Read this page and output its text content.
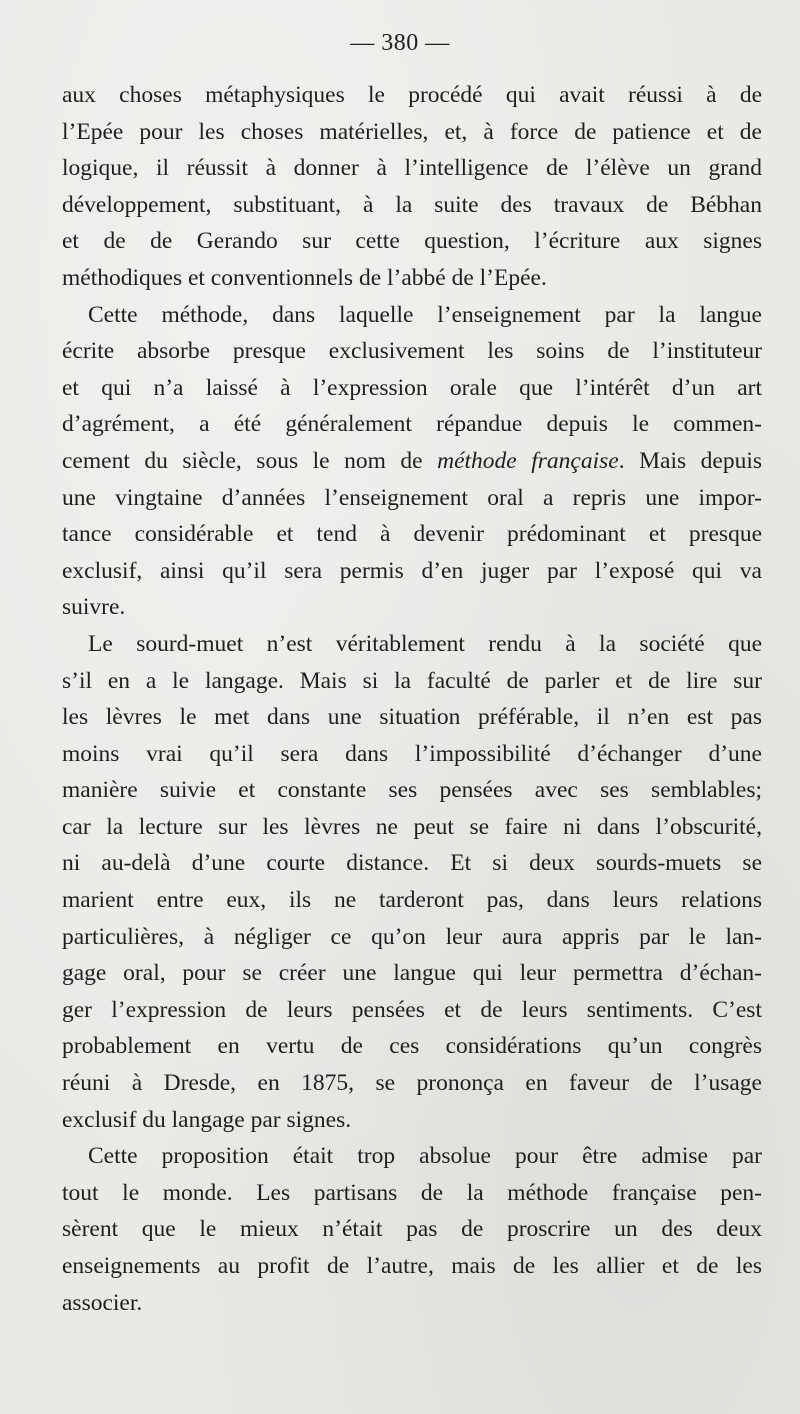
— 380 —
aux choses métaphysiques le procédé qui avait réussi à de
l’Epée pour les choses matérielles, et, à force de patience et de
logique, il réussit à donner à l’intelligence de l’élève un grand
développement, substituant, à la suite des travaux de Bébhan
et de de Gerando sur cette question, l’écriture aux signes
méthodiques et conventionnels de l’abbé de l’Epée.
Cette méthode, dans laquelle l’enseignement par la langue
écrite absorbe presque exclusivement les soins de l’instituteur
et qui n’a laissé à l’expression orale que l’intérêt d’un art
d’agrément, a été généralement répandue depuis le commen-
cement du siècle, sous le nom de méthode française. Mais depuis
une vingtaine d’années l’enseignement oral a repris une impor-
tance considérable et tend à devenir prédominant et presque
exclusif, ainsi qu’il sera permis d’en juger par l’exposé qui va
suivre.
Le sourd-muet n’est véritablement rendu à la société que
s’il en a le langage. Mais si la faculté de parler et de lire sur
les lèvres le met dans une situation préférable, il n’en est pas
moins vrai qu’il sera dans l’impossibilité d’échanger d’une
manière suivie et constante ses pensées avec ses semblables;
car la lecture sur les lèvres ne peut se faire ni dans l’obscurité,
ni au-delà d’une courte distance. Et si deux sourds-muets se
marient entre eux, ils ne tarderont pas, dans leurs relations
particulières, à négliger ce qu’on leur aura appris par le lan-
gage oral, pour se créer une langue qui leur permettra d’échan-
ger l’expression de leurs pensées et de leurs sentiments. C’est
probablement en vertu de ces considérations qu’un congrès
réuni à Dresde, en 1875, se prononça en faveur de l’usage
exclusif du langage par signes.
Cette proposition était trop absolue pour être admise par
tout le monde. Les partisans de la méthode française pen-
sèrent que le mieux n’était pas de proscrire un des deux
enseignements au profit de l’autre, mais de les allier et de les
associer.
